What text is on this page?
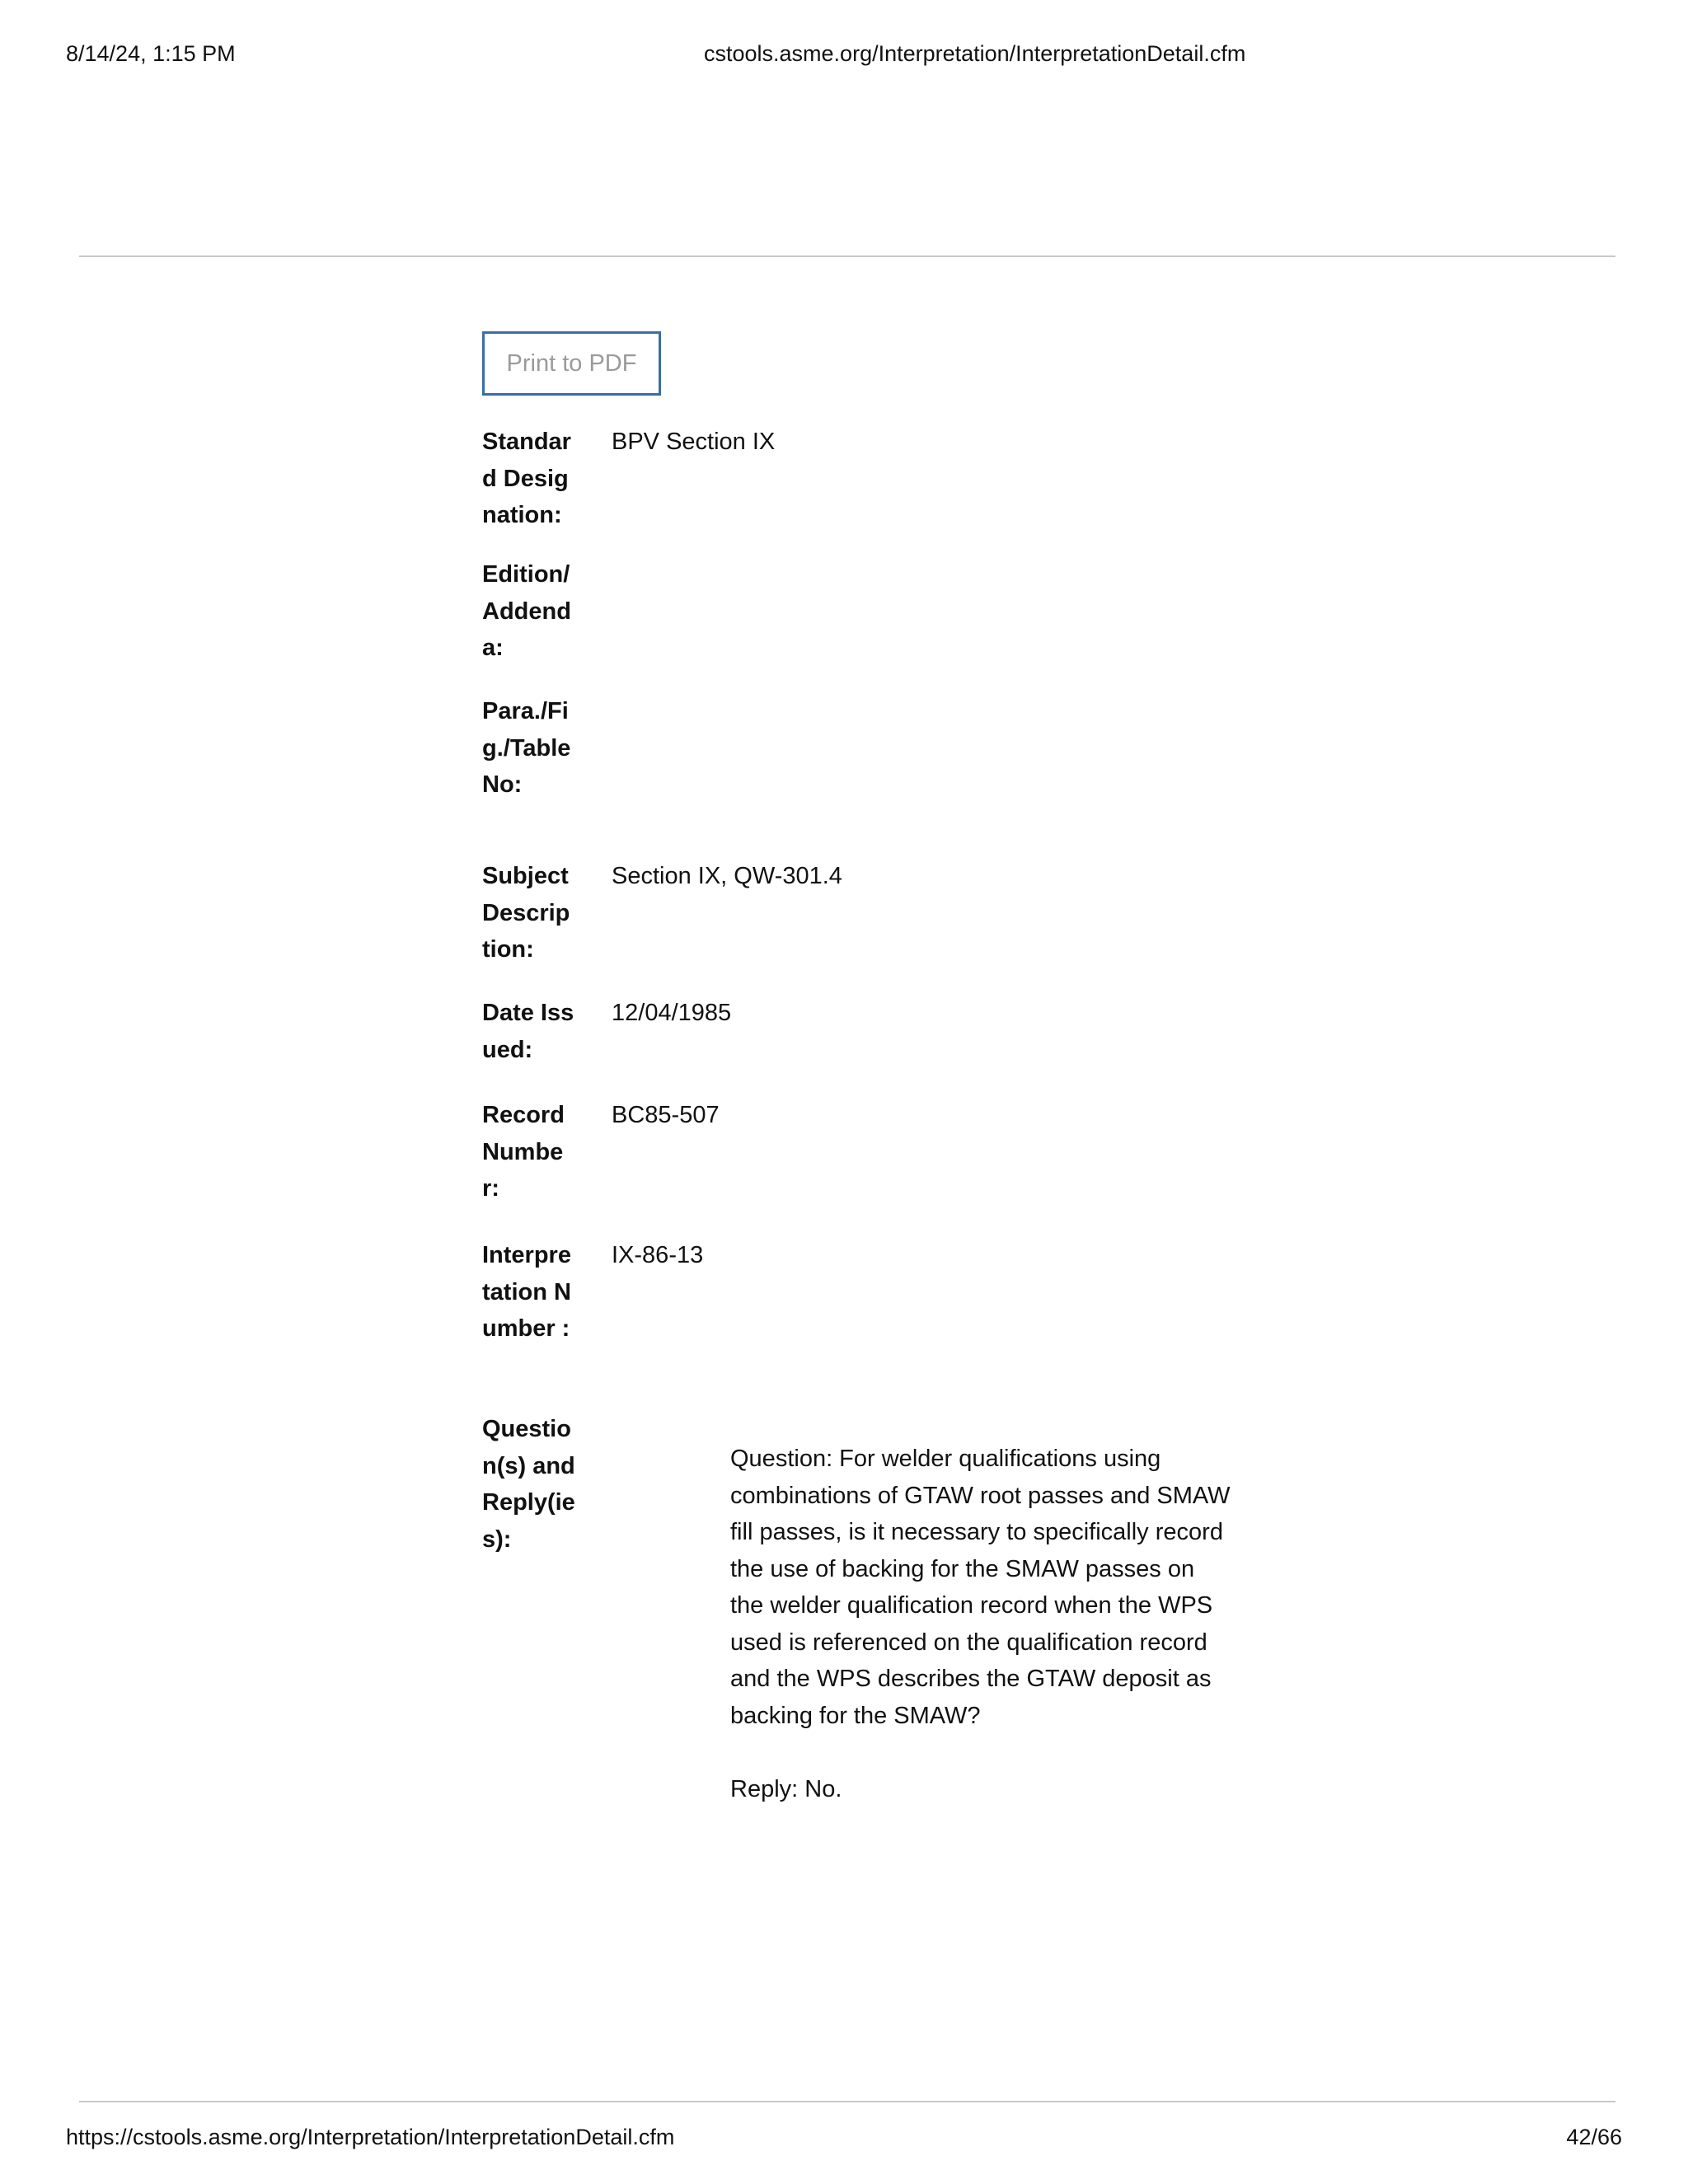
8/14/24, 1:15 PM	cstools.asme.org/Interpretation/InterpretationDetail.cfm
Print to PDF
Standard Designation:
BPV Section IX
Edition/Addenda:
Para./Fig./Table No:
Subject Description:
Section IX, QW-301.4
Date Issued:
12/04/1985
Record Number:
BC85-507
Interpretation Number :
IX-86-13
Question(s) and Reply(ies):

Question: For welder qualifications using combinations of GTAW root passes and SMAW fill passes, is it necessary to specifically record the use of backing for the SMAW passes on the welder qualification record when the WPS used is referenced on the qualification record and the WPS describes the GTAW deposit as backing for the SMAW?

Reply: No.

https://cstools.asme.org/Interpretation/InterpretationDetail.cfm	42/66
